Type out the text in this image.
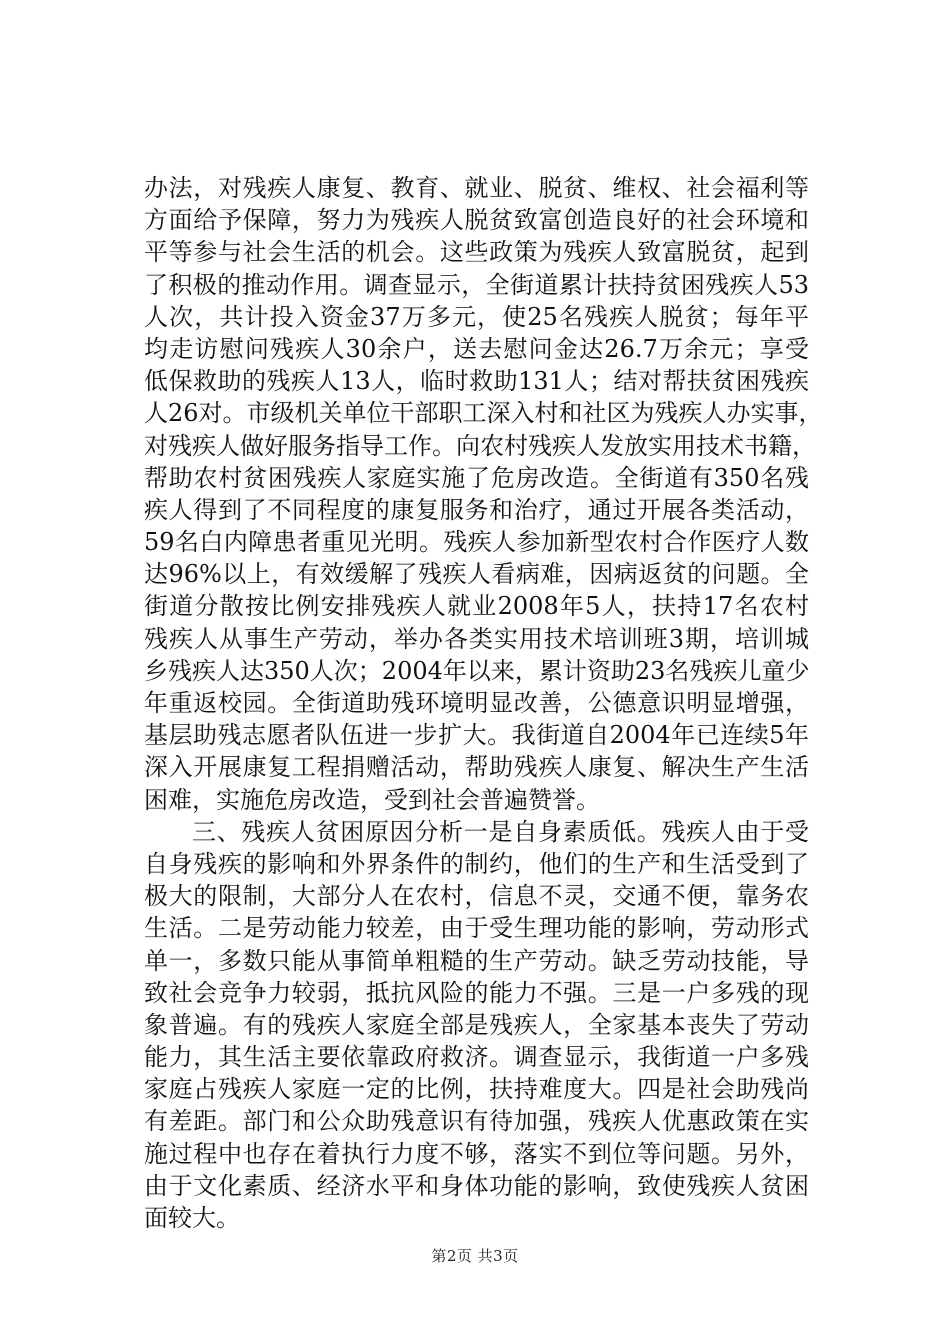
办法，对残疾人康复、教育、就业、脱贫、维权、社会福利等
方面给予保障，努力为残疾人脱贫致富创造良好的社会环境和
平等参与社会生活的机会。这些政策为残疾人致富脱贫，起到
了积极的推动作用。调查显示，全街道累计扶持贫困残疾人53
人次，共计投入资金37万多元，使25名残疾人脱贫；每年平
均走访慰问残疾人30余户，送去慰问金达26.7万余元；享受
低保救助的残疾人13人，临时救助131人；结对帮扶贫困残疾
人26对。市级机关单位干部职工深入村和社区为残疾人办实事，
对残疾人做好服务指导工作。向农村残疾人发放实用技术书籍，
帮助农村贫困残疾人家庭实施了危房改造。全街道有350名残
疾人得到了不同程度的康复服务和治疗，通过开展各类活动，
59名白内障患者重见光明。残疾人参加新型农村合作医疗人数
达96%以上，有效缓解了残疾人看病难，因病返贫的问题。全
街道分散按比例安排残疾人就业2008年5人，扶持17名农村
残疾人从事生产劳动，举办各类实用技术培训班3期，培训城
乡残疾人达350人次；2004年以来，累计资助23名残疾儿童少
年重返校园。全街道助残环境明显改善，公德意识明显增强，
基层助残志愿者队伍进一步扩大。我街道自2004年已连续5年
深入开展康复工程捐赠活动，帮助残疾人康复、解决生产生活
困难，实施危房改造，受到社会普遍赞誉。
三、残疾人贫困原因分析一是自身素质低。残疾人由于受
自身残疾的影响和外界条件的制约，他们的生产和生活受到了
极大的限制，大部分人在农村，信息不灵，交通不便，靠务农
生活。二是劳动能力较差，由于受生理功能的影响，劳动形式
单一，多数只能从事简单粗糙的生产劳动。缺乏劳动技能，导
致社会竞争力较弱，抵抗风险的能力不强。三是一户多残的现
象普遍。有的残疾人家庭全部是残疾人，全家基本丧失了劳动
能力，其生活主要依靠政府救济。调查显示，我街道一户多残
家庭占残疾人家庭一定的比例，扶持难度大。四是社会助残尚
有差距。部门和公众助残意识有待加强，残疾人优惠政策在实
施过程中也存在着执行力度不够，落实不到位等问题。另外，
由于文化素质、经济水平和身体功能的影响，致使残疾人贫困
面较大。
第2页 共3页
